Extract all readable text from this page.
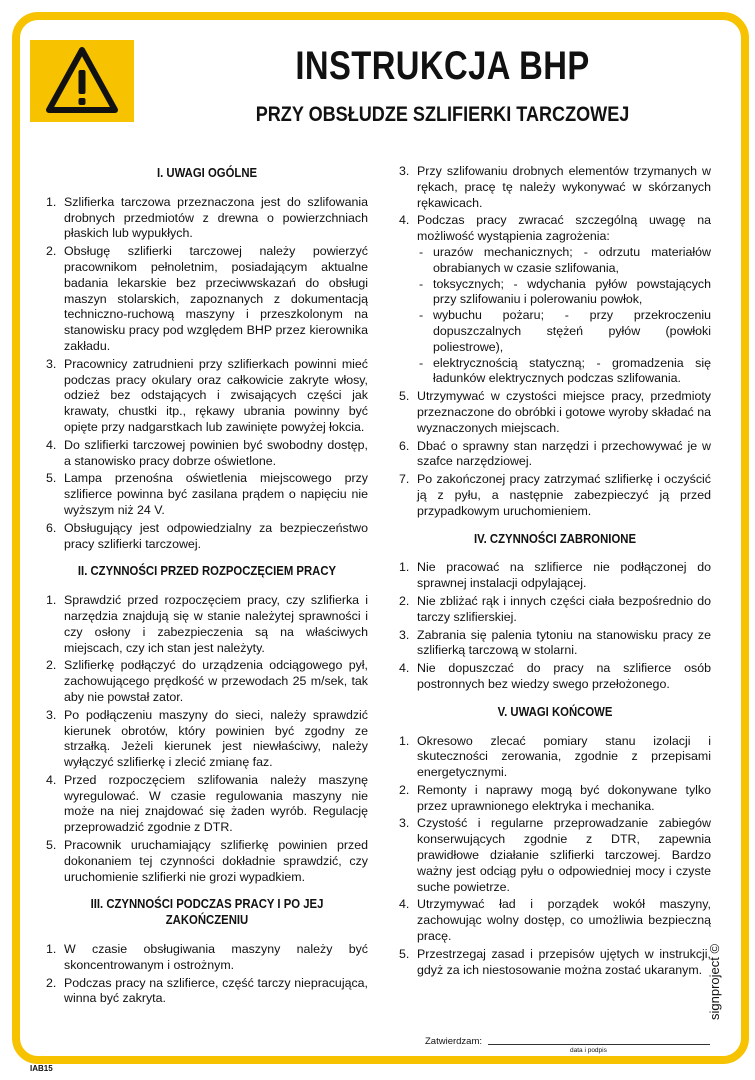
INSTRUKCJA BHP
PRZY OBSŁUDZE SZLIFIERKI TARCZOWEJ
I. UWAGI OGÓLNE
1. Szlifierka tarczowa przeznaczona jest do szlifowania drobnych przedmiotów z drewna o powierzchniach płaskich lub wypukłych.
2. Obsługę szlifierki tarczowej należy powierzyć pracownikom pełnoletnim, posiadającym aktualne badania lekarskie bez przeciwwskazań do obsługi maszyn stolarskich, zapoznanych z dokumentacją techniczno-ruchową maszyny i przeszkolonym na stanowisku pracy pod względem BHP przez kierownika zakładu.
3. Pracownicy zatrudnieni przy szlifierkach powinni mieć podczas pracy okulary oraz całkowicie zakryte włosy, odzież bez odstających i zwisających części jak krawaty, chustki itp., rękawy ubrania powinny być opięte przy nadgarstkach lub zawinięte powyżej łokcia.
4. Do szlifierki tarczowej powinien być swobodny dostęp, a stanowisko pracy dobrze oświetlone.
5. Lampa przenośna oświetlenia miejscowego przy szlifierce powinna być zasilana prądem o napięciu nie wyższym niż 24 V.
6. Obsługujący jest odpowiedzialny za bezpieczeństwo pracy szlifierki tarczowej.
II. CZYNNOŚCI PRZED ROZPOCZĘCIEM PRACY
1. Sprawdzić przed rozpoczęciem pracy, czy szlifierka i narzędzia znajdują się w stanie należytej sprawności i czy osłony i zabezpieczenia są na właściwych miejscach, czy ich stan jest należyty.
2. Szlifierkę podłączyć do urządzenia odciągowego pył, zachowującego prędkość w przewodach 25 m/sek, tak aby nie powstał zator.
3. Po podłączeniu maszyny do sieci, należy sprawdzić kierunek obrotów, który powinien być zgodny ze strzałką. Jeżeli kierunek jest niewłaściwy, należy wyłączyć szlifierkę i zlecić zmianę faz.
4. Przed rozpoczęciem szlifowania należy maszynę wyregulować. W czasie regulowania maszyny nie może na niej znajdować się żaden wyrób. Regulację przeprowadzić zgodnie z DTR.
5. Pracownik uruchamiający szlifierkę powinien przed dokonaniem tej czynności dokładnie sprawdzić, czy uruchomienie szlifierki nie grozi wypadkiem.
III. CZYNNOŚCI PODCZAS PRACY I PO JEJ ZAKOŃCZENIU
1. W czasie obsługiwania maszyny należy być skoncentrowanym i ostrożnym.
2. Podczas pracy na szlifierce, część tarczy niepracująca, winna być zakryta.
3. Przy szlifowaniu drobnych elementów trzymanych w rękach, pracę tę należy wykonywać w skórzanych rękawicach.
4. Podczas pracy zwracać szczególną uwagę na możliwość wystąpienia zagrożenia:
- urazów mechanicznych; - odrzutu materiałów obrabianych w czasie szlifowania,
- toksycznych; - wdychania pyłów powstających przy szlifowaniu i polerowaniu powłok,
- wybuchu pożaru; - przy przekroczeniu dopuszczalnych stężeń pyłów (powłoki poliestrowe),
- elektrycznością statyczną; - gromadzenia się ładunków elektrycznych podczas szlifowania.
5. Utrzymywać w czystości miejsce pracy, przedmioty przeznaczone do obróbki i gotowe wyroby składać na wyznaczonych miejscach.
6. Dbać o sprawny stan narzędzi i przechowywać je w szafce narzędziowej.
7. Po zakończonej pracy zatrzymać szlifierkę i oczyścić ją z pyłu, a następnie zabezpieczyć ją przed przypadkowym uruchomieniem.
IV. CZYNNOŚCI ZABRONIONE
1. Nie pracować na szlifierce nie podłączonej do sprawnej instalacji odpylającej.
2. Nie zbliżać rąk i innych części ciała bezpośrednio do tarczy szlifierskiej.
3. Zabrania się palenia tytoniu na stanowisku pracy ze szlifierką tarczową w stolarni.
4. Nie dopuszczać do pracy na szlifierce osób postronnych bez wiedzy swego przełożonego.
V. UWAGI KOŃCOWE
1. Okresowo zlecać pomiary stanu izolacji i skuteczności zerowania, zgodnie z przepisami energetycznymi.
2. Remonty i naprawy mogą być dokonywane tylko przez uprawnionego elektryka i mechanika.
3. Czystość i regularne przeprowadzanie zabiegów konserwujących zgodnie z DTR, zapewnia prawidłowe działanie szlifierki tarczowej. Bardzo ważny jest odciąg pyłu o odpowiedniej mocy i czyste suche powietrze.
4. Utrzymywać ład i porządek wokół maszyny, zachowując wolny dostęp, co umożliwia bezpieczną pracę.
5. Przestrzegaj zasad i przepisów ujętych w instrukcji, gdyż za ich niestosowanie można zostać ukaranym.
Zatwierdzam:
data i podpis
IAB15
signproject ©
